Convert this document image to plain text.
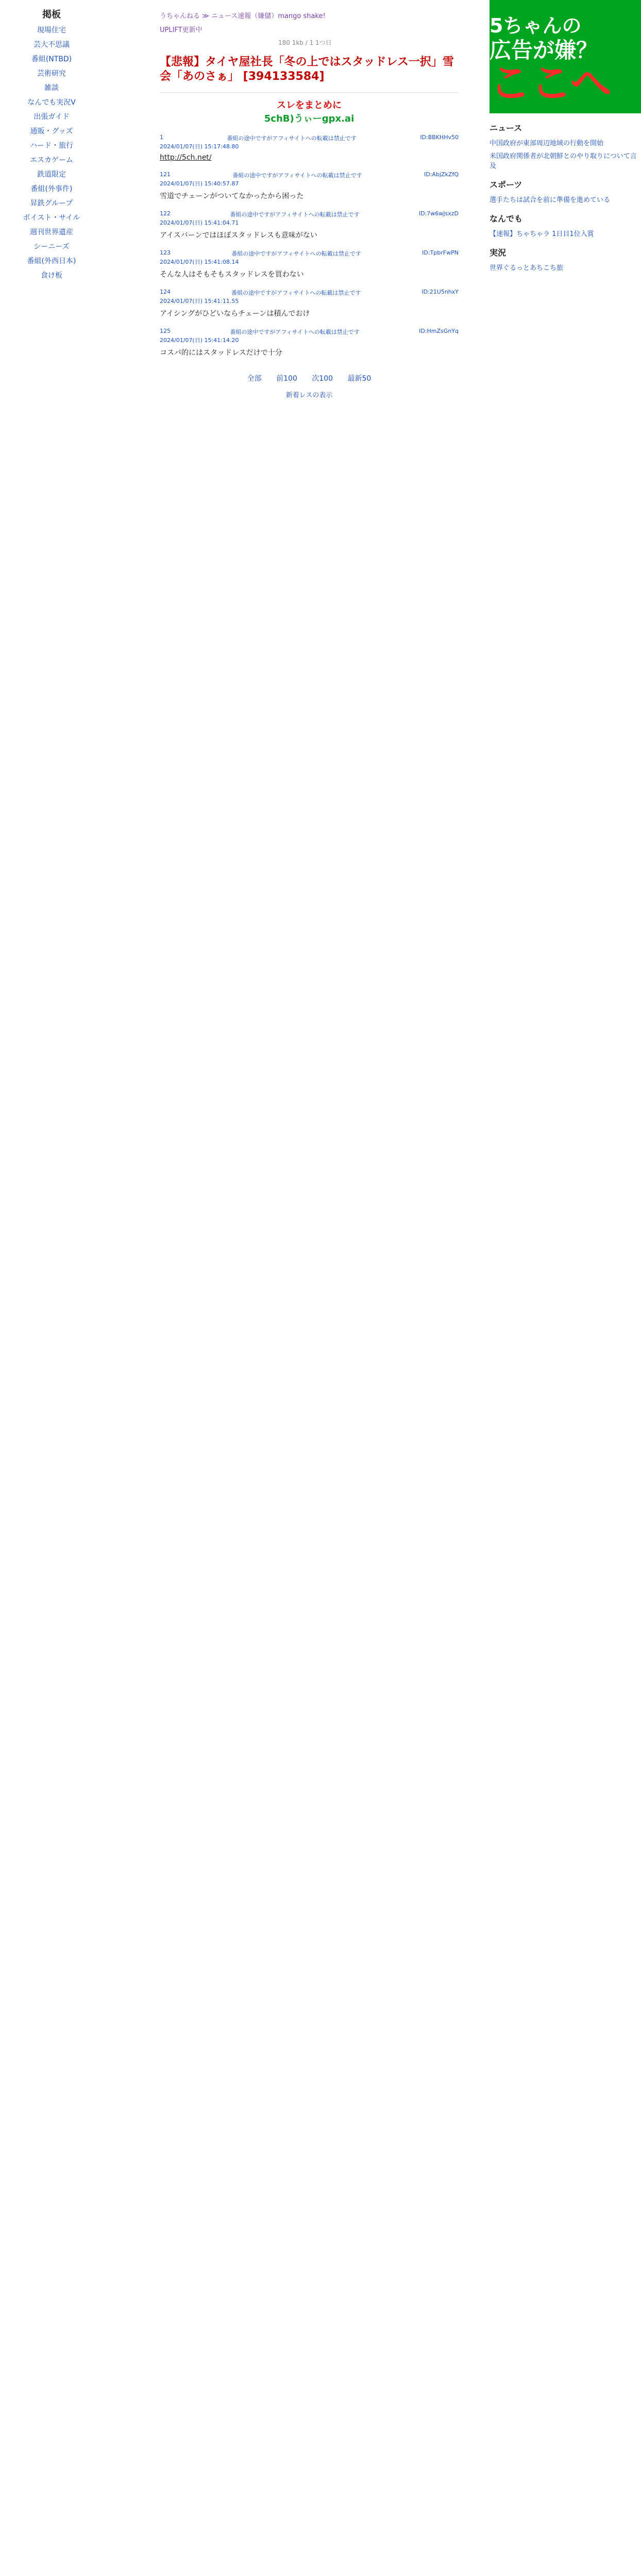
掲板
現場住宅
芸大不思議
番組(NTBD)
芸術研究
雑談
なんでも実況V
出張ガイド
通販・グッズ
ハード・旅行
エスカゲーム
鉄道限定
番組(外事件)
昇鉄グループ
ボイスト・サイル
週刊世界遺産
シーニーズ
番組(外西日本)
食け板
うちゃんねる ≫ ニュース速報（嫌儲）mango shake!
UPLIFT更新中
180 1kb / 1 1つ日
【悲報】タイヤ屋社長「冬の上ではスタッドレス一択」雪会「あのさぁ」 [394133584]
スレをまとめに
5chB)うぃーgpx.ai
1	番組の途中ですがアフィサイトへの転載は禁止です	ID:BBKHHv50
2024/01/07(日) 15:17:48.80
http://5ch.net/
121	番組の途中ですがアフィサイトへの転載は禁止です	ID:AbjZkZfQ
2024/01/07(日) 15:40:57.87
雪道でチェーンがついてなかったから困った
122	番組の途中ですがアフィサイトへの転載は禁止です	ID:7w6wJsxzD
2024/01/07(日) 15:41:04.71
アイスバーンではほぼスタッドレスも意味がない
123	番組の途中ですがアフィサイトへの転載は禁止です	ID:TpbrFwPN
2024/01/07(日) 15:41:08.14
そんな人はそもそもスタッドレスを買わない
124	番組の途中ですがアフィサイトへの転載は禁止です	ID:21U5nhxY
2024/01/07(日) 15:41:11.55
アイシングがひどいならチェーンは積んでおけ
125	番組の途中ですがアフィサイトへの転載は禁止です	ID:HmZsGnYq
2024/01/07(日) 15:41:14.20
コスパ的にはスタッドレスだけで十分
全部 前100 次100 最新50
新着レスの表示
5ちゃんの
広告が嫌？
ここへ
ニュース

中国政府が東部周辺地域の行動を開始

米国政府関係者が北朝鮮とのやり取りについて言及

スポーツ

選手たちは試合を前に準備を進めている

なんでも

【速報】ちゃちゃラ 1日目1位入賞

実況

世界ぐるっとあちこち旅
